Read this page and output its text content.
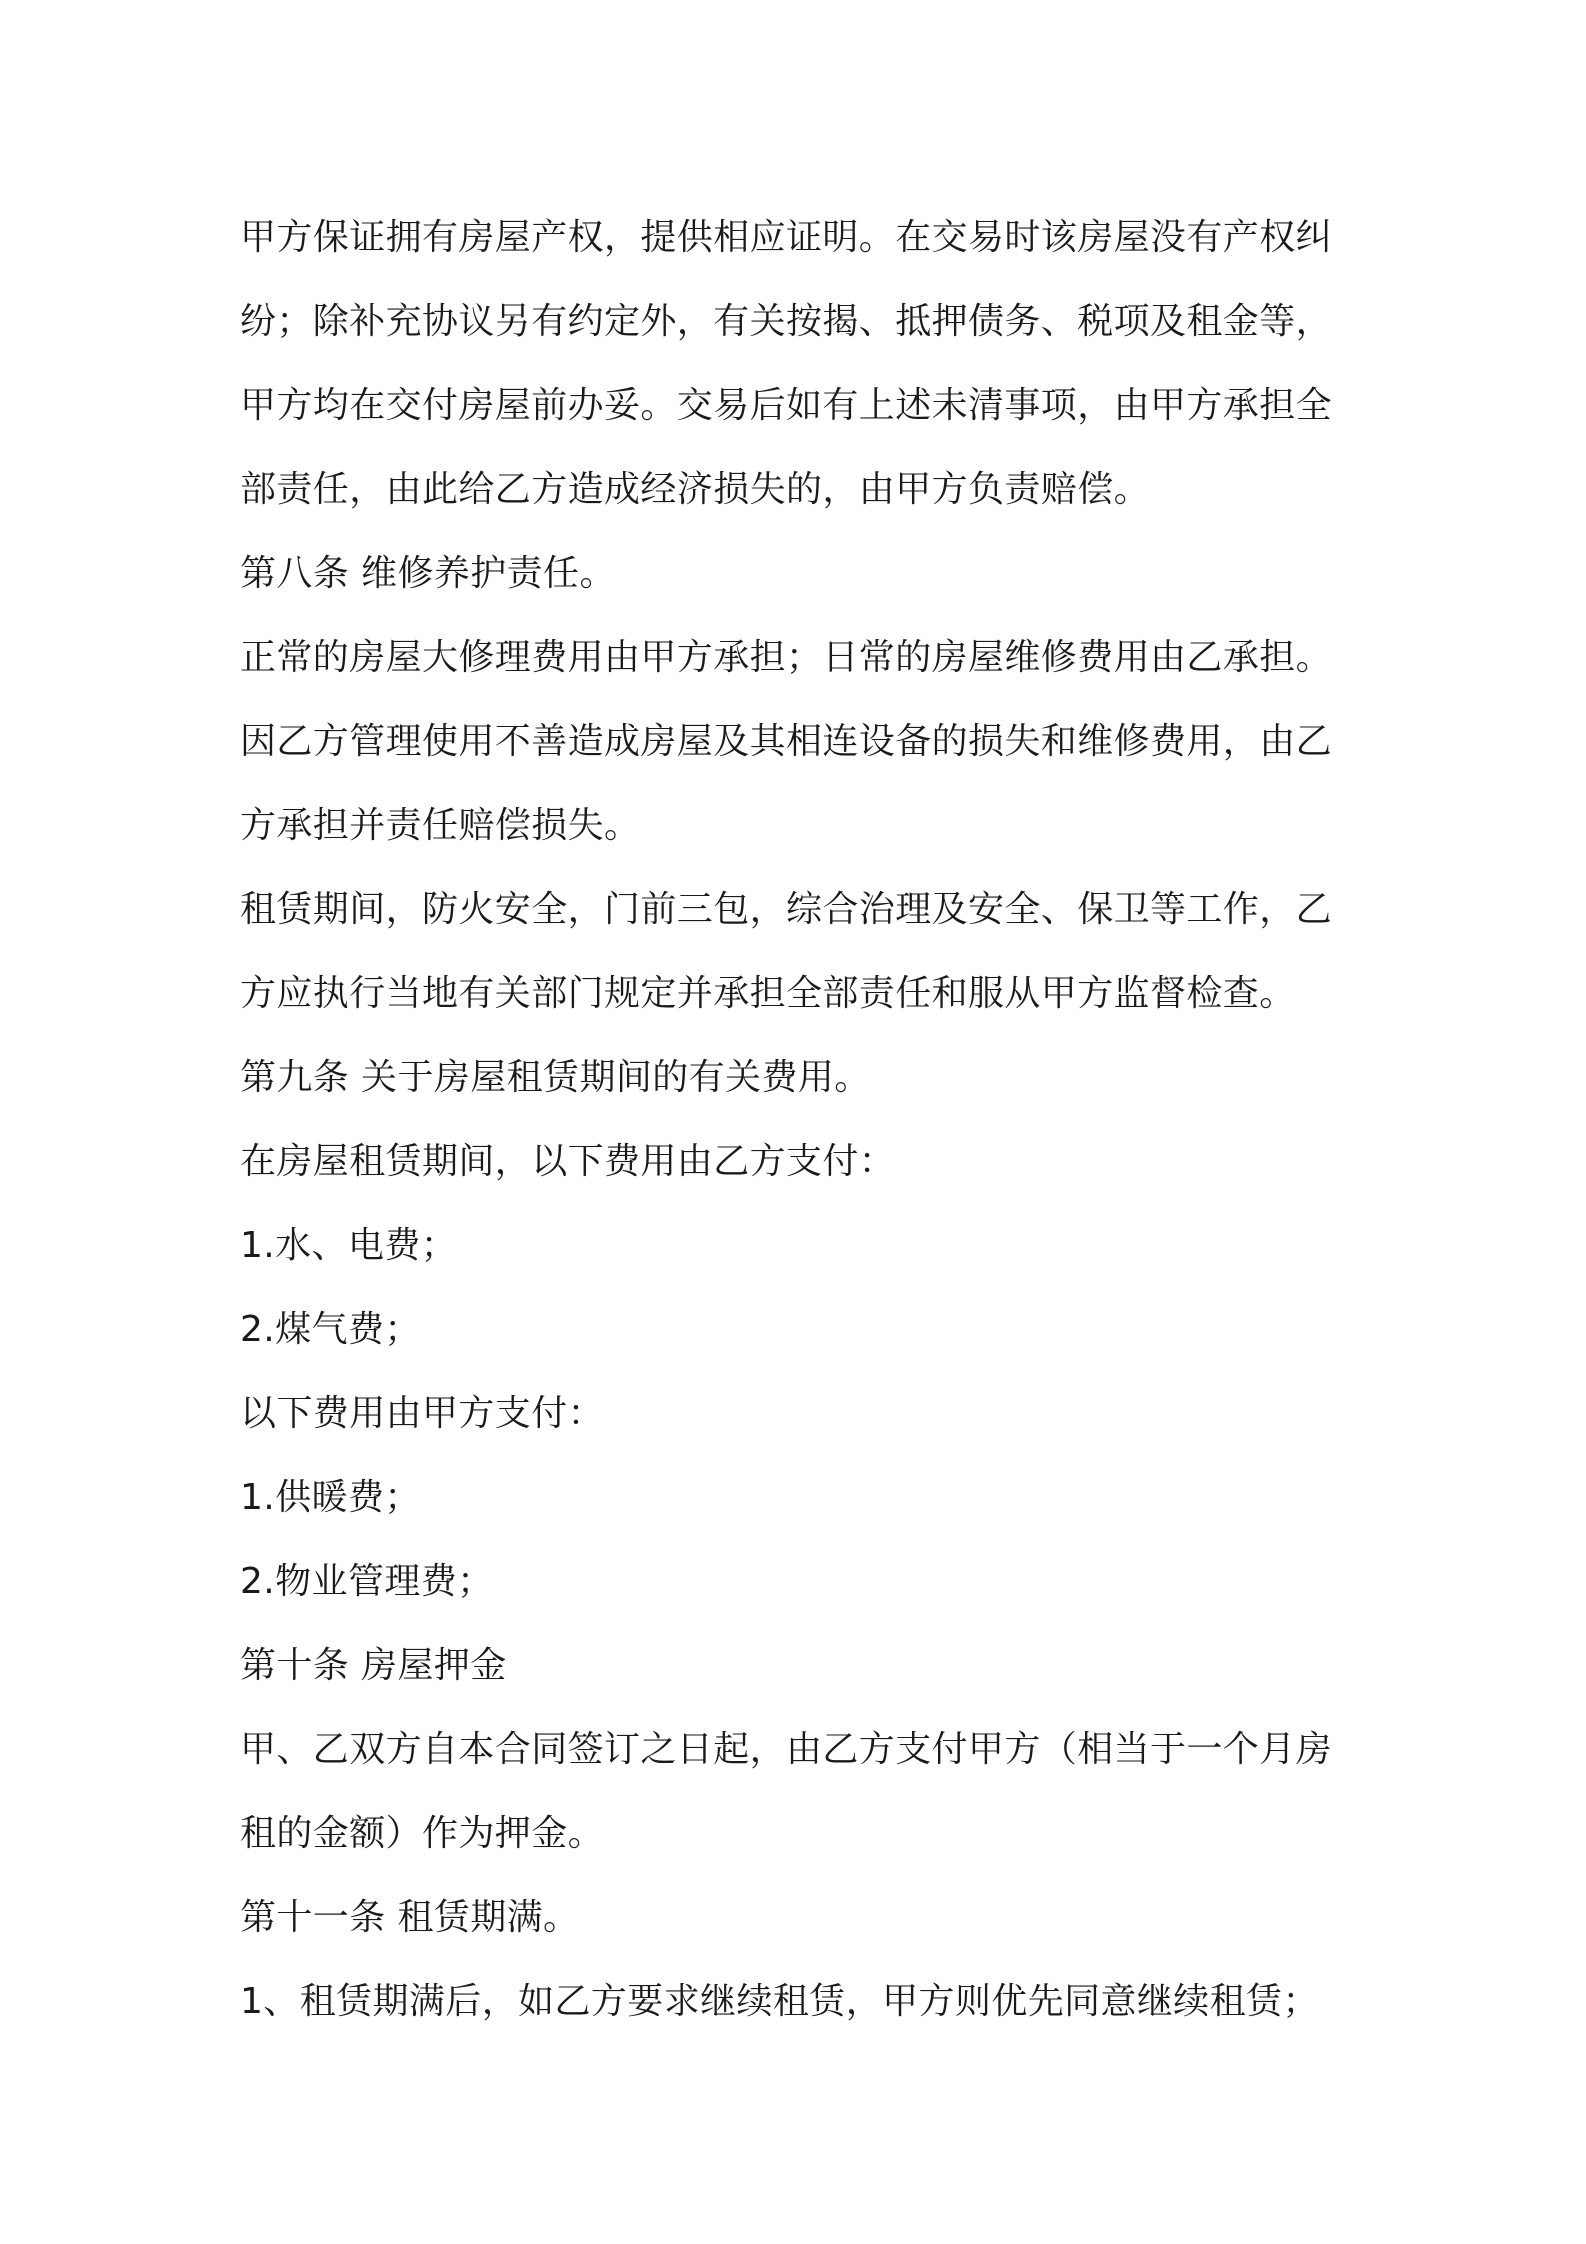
甲方保证拥有房屋产权，提供相应证明。在交易时该房屋没有产权纠
纷；除补充协议另有约定外，有关按揭、抵押债务、税项及租金等，
甲方均在交付房屋前办妥。交易后如有上述未清事项，由甲方承担全
部责任，由此给乙方造成经济损失的，由甲方负责赔偿。
第八条 维修养护责任。
正常的房屋大修理费用由甲方承担；日常的房屋维修费用由乙承担。
因乙方管理使用不善造成房屋及其相连设备的损失和维修费用，由乙
方承担并责任赔偿损失。
租赁期间，防火安全，门前三包，综合治理及安全、保卫等工作，乙
方应执行当地有关部门规定并承担全部责任和服从甲方监督检查。
第九条 关于房屋租赁期间的有关费用。
在房屋租赁期间，以下费用由乙方支付：
1.水、电费；
2.煤气费；
以下费用由甲方支付：
1.供暖费；
2.物业管理费；
第十条 房屋押金
甲、乙双方自本合同签订之日起，由乙方支付甲方（相当于一个月房
租的金额）作为押金。
第十一条 租赁期满。
1、租赁期满后，如乙方要求继续租赁，甲方则优先同意继续租赁；
